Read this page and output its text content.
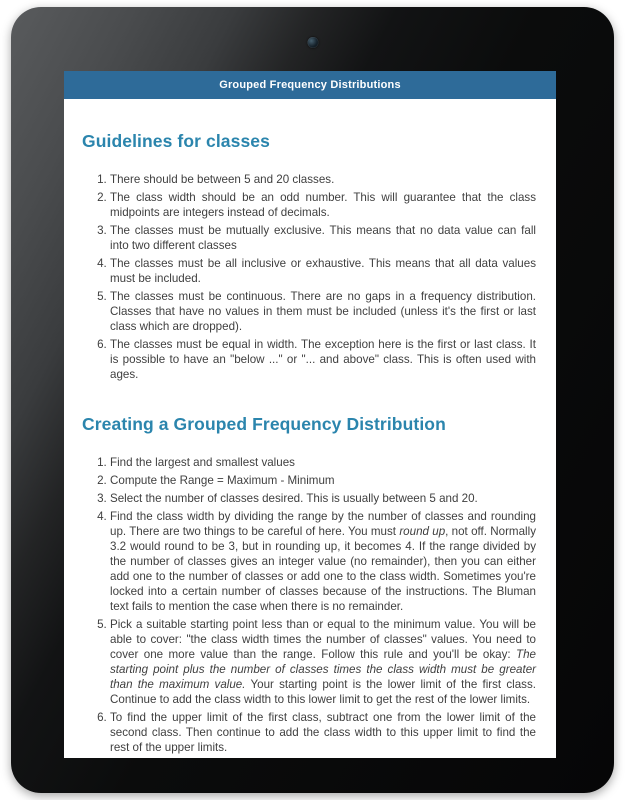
Grouped Frequency Distributions
Guidelines for classes
1. There should be between 5 and 20 classes.
2. The class width should be an odd number. This will guarantee that the class midpoints are integers instead of decimals.
3. The classes must be mutually exclusive. This means that no data value can fall into two different classes
4. The classes must be all inclusive or exhaustive. This means that all data values must be included.
5. The classes must be continuous. There are no gaps in a frequency distribution. Classes that have no values in them must be included (unless it's the first or last class which are dropped).
6. The classes must be equal in width. The exception here is the first or last class. It is possible to have an "below ..." or "... and above" class. This is often used with ages.
Creating a Grouped Frequency Distribution
1. Find the largest and smallest values
2. Compute the Range = Maximum - Minimum
3. Select the number of classes desired. This is usually between 5 and 20.
4. Find the class width by dividing the range by the number of classes and rounding up. There are two things to be careful of here. You must round up, not off. Normally 3.2 would round to be 3, but in rounding up, it becomes 4. If the range divided by the number of classes gives an integer value (no remainder), then you can either add one to the number of classes or add one to the class width. Sometimes you're locked into a certain number of classes because of the instructions. The Bluman text fails to mention the case when there is no remainder.
5. Pick a suitable starting point less than or equal to the minimum value. You will be able to cover: "the class width times the number of classes" values. You need to cover one more value than the range. Follow this rule and you'll be okay: The starting point plus the number of classes times the class width must be greater than the maximum value. Your starting point is the lower limit of the first class. Continue to add the class width to this lower limit to get the rest of the lower limits.
6. To find the upper limit of the first class, subtract one from the lower limit of the second class. Then continue to add the class width to this upper limit to find the rest of the upper limits.
